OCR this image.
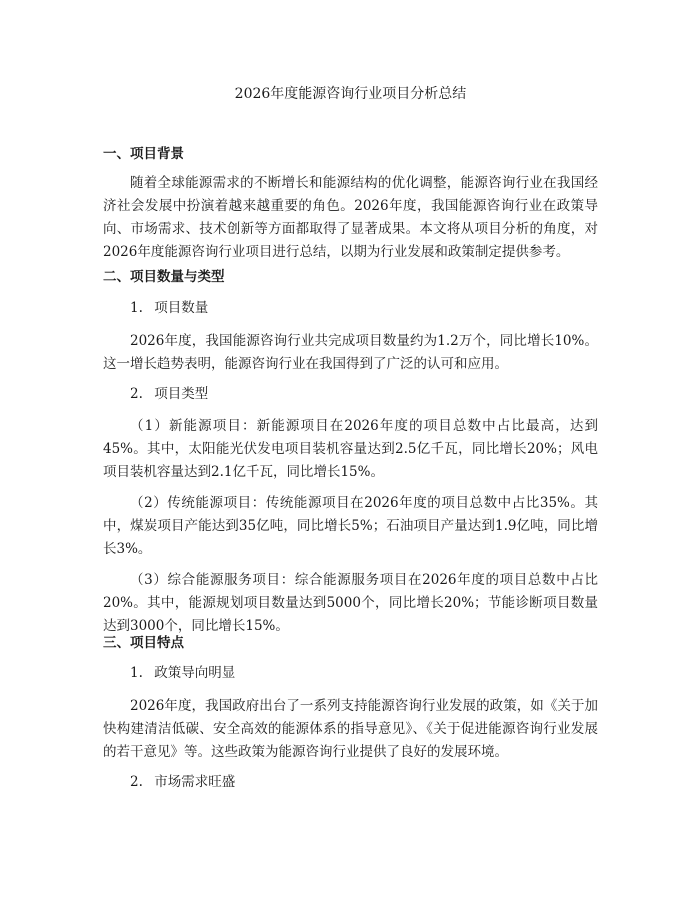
2026年度能源咨询行业项目分析总结
一、项目背景

随着全球能源需求的不断增长和能源结构的优化调整，能源咨询行业在我国经济社会发展中扮演着越来越重要的角色。2026年度，我国能源咨询行业在政策导向、市场需求、技术创新等方面都取得了显著成果。本文将从项目分析的角度，对2026年度能源咨询行业项目进行总结，以期为行业发展和政策制定提供参考。

二、项目数量与类型
1. 项目数量

2026年度，我国能源咨询行业共完成项目数量约为1.2万个，同比增长10%。这一增长趋势表明，能源咨询行业在我国得到了广泛的认可和应用。

2. 项目类型

（1）新能源项目：新能源项目在2026年度的项目总数中占比最高，达到45%。其中，太阳能光伏发电项目装机容量达到2.5亿千瓦，同比增长20%；风电项目装机容量达到2.1亿千瓦，同比增长15%。

（2）传统能源项目：传统能源项目在2026年度的项目总数中占比35%。其中，煤炭项目产能达到35亿吨，同比增长5%；石油项目产量达到1.9亿吨，同比增长3%。

（3）综合能源服务项目：综合能源服务项目在2026年度的项目总数中占比20%。其中，能源规划项目数量达到5000个，同比增长20%；节能诊断项目数量达到3000个，同比增长15%。

三、项目特点
1. 政策导向明显

2026年度，我国政府出台了一系列支持能源咨询行业发展的政策，如《关于加快构建清洁低碳、安全高效的能源体系的指导意见》、《关于促进能源咨询行业发展的若干意见》等。这些政策为能源咨询行业提供了良好的发展环境。

2. 市场需求旺盛
